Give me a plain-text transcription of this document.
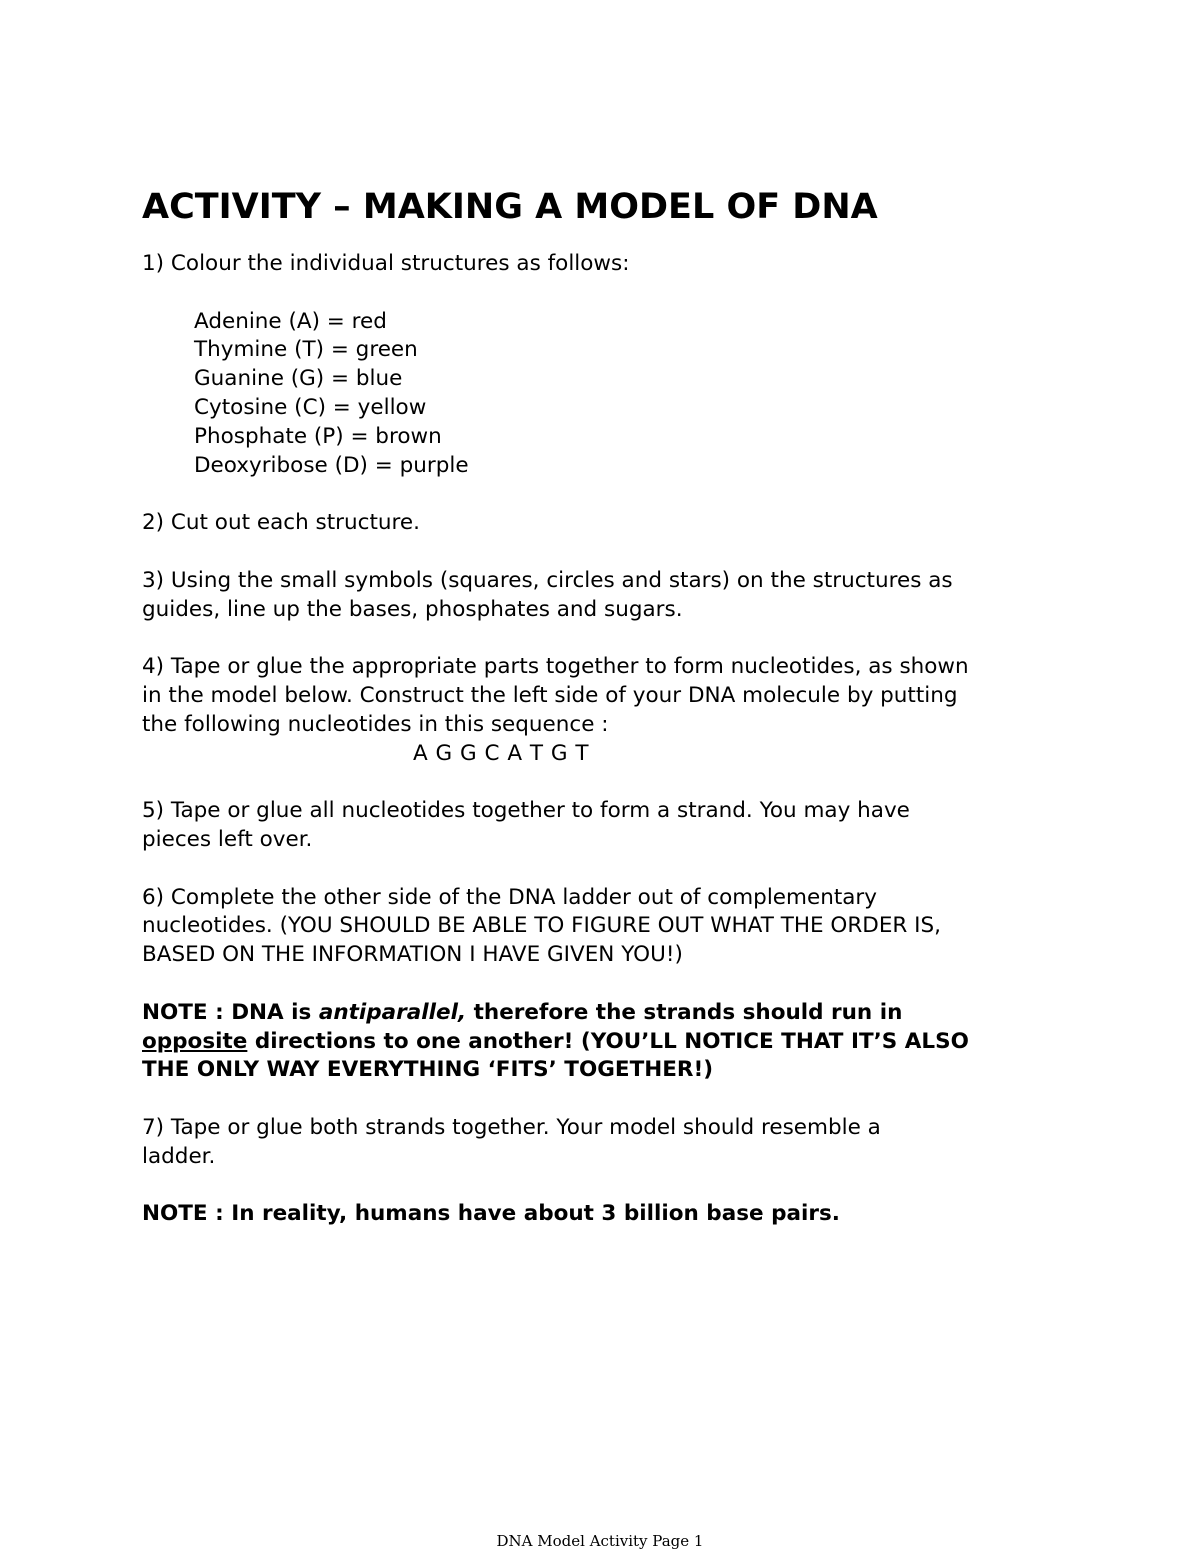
ACTIVITY – MAKING A MODEL OF DNA

1) Colour the individual structures as follows:

Adenine (A) = red
Thymine (T) = green
Guanine (G) = blue
Cytosine (C) = yellow
Phosphate (P) = brown
Deoxyribose (D) = purple

2) Cut out each structure.

3) Using the small symbols (squares, circles and stars) on the structures as
guides, line up the bases, phosphates and sugars.

4) Tape or glue the appropriate parts together to form nucleotides, as shown
in the model below. Construct the left side of your DNA molecule by putting
the following nucleotides in this sequence :
A G G C A T G T

5) Tape or glue all nucleotides together to form a strand. You may have
pieces left over.

6) Complete the other side of the DNA ladder out of complementary
nucleotides. (YOU SHOULD BE ABLE TO FIGURE OUT WHAT THE ORDER IS,
BASED ON THE INFORMATION I HAVE GIVEN YOU!)

NOTE : DNA is antiparallel, therefore the strands should run in
opposite directions to one another! (YOU’LL NOTICE THAT IT’S ALSO
THE ONLY WAY EVERYTHING ‘FITS’ TOGETHER!)

7) Tape or glue both strands together. Your model should resemble a
ladder.

NOTE : In reality, humans have about 3 billion base pairs.

DNA Model Activity Page 1
